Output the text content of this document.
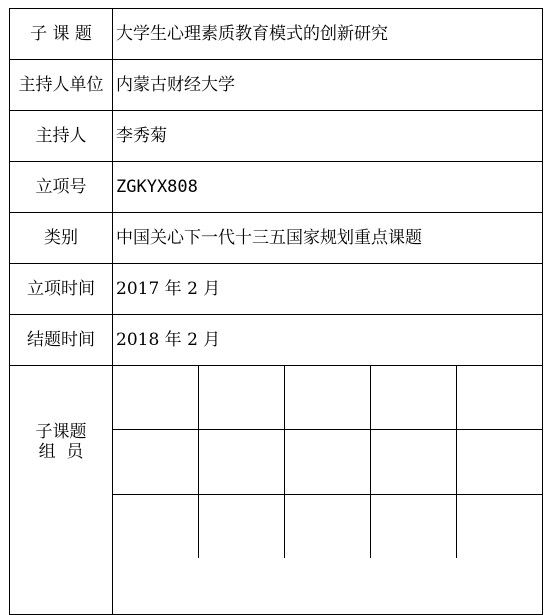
子 课 题	大学生心理素质教育模式的创新研究
主持人单位	内蒙古财经大学
主持人	李秀菊
立项号	ZGKYX808
类别	中国关心下一代十三五国家规划重点课题
立项时间	2017 年 2 月
结题时间	2018 年 2 月

子课题
组  员
